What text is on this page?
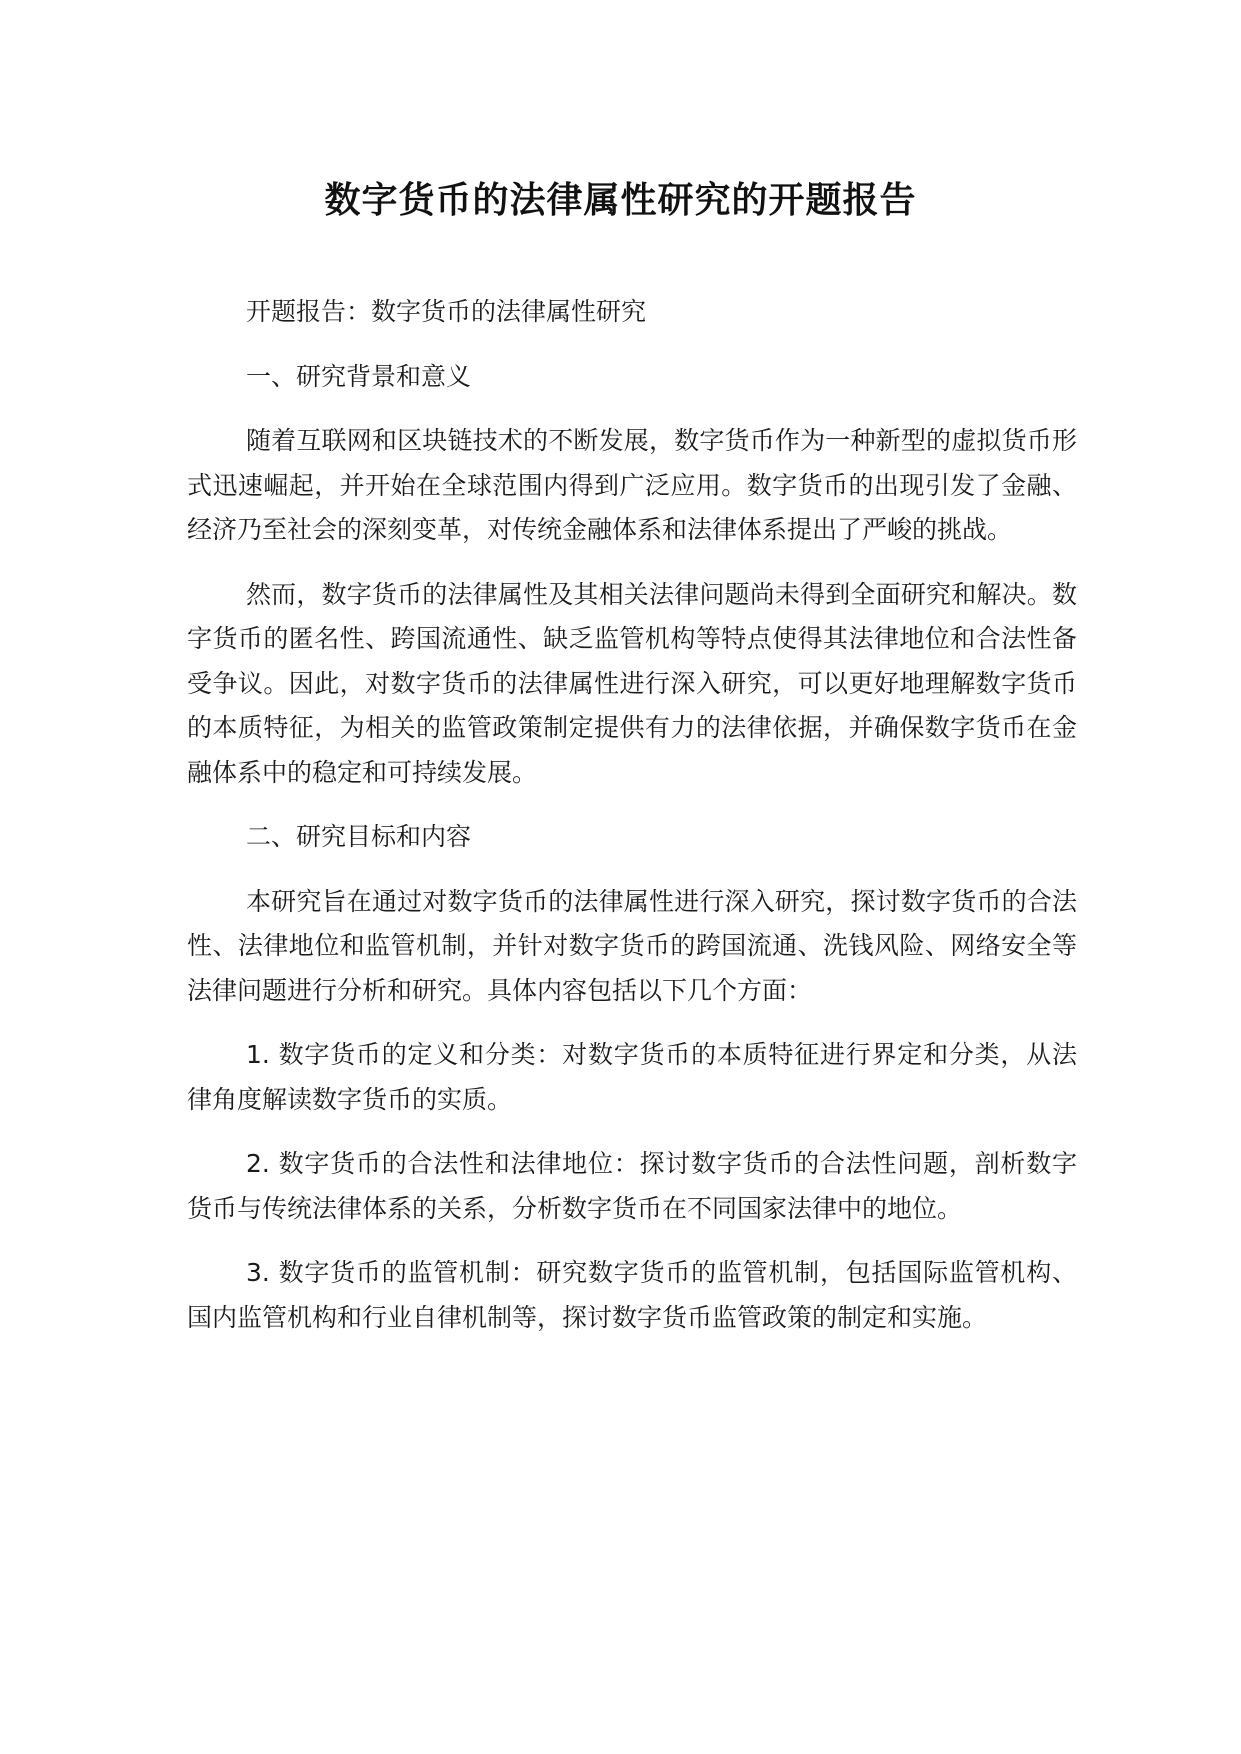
数字货币的法律属性研究的开题报告

开题报告：数字货币的法律属性研究

一、研究背景和意义

随着互联网和区块链技术的不断发展，数字货币作为一种新型的虚拟货币形式迅速崛起，并开始在全球范围内得到广泛应用。数字货币的出现引发了金融、经济乃至社会的深刻变革，对传统金融体系和法律体系提出了严峻的挑战。

然而，数字货币的法律属性及其相关法律问题尚未得到全面研究和解决。数字货币的匿名性、跨国流通性、缺乏监管机构等特点使得其法律地位和合法性备受争议。因此，对数字货币的法律属性进行深入研究，可以更好地理解数字货币的本质特征，为相关的监管政策制定提供有力的法律依据，并确保数字货币在金融体系中的稳定和可持续发展。

二、研究目标和内容

本研究旨在通过对数字货币的法律属性进行深入研究，探讨数字货币的合法性、法律地位和监管机制，并针对数字货币的跨国流通、洗钱风险、网络安全等法律问题进行分析和研究。具体内容包括以下几个方面：

1. 数字货币的定义和分类：对数字货币的本质特征进行界定和分类，从法律角度解读数字货币的实质。

2. 数字货币的合法性和法律地位：探讨数字货币的合法性问题，剖析数字货币与传统法律体系的关系，分析数字货币在不同国家法律中的地位。

3. 数字货币的监管机制：研究数字货币的监管机制，包括国际监管机构、国内监管机构和行业自律机制等，探讨数字货币监管政策的制定和实施。
